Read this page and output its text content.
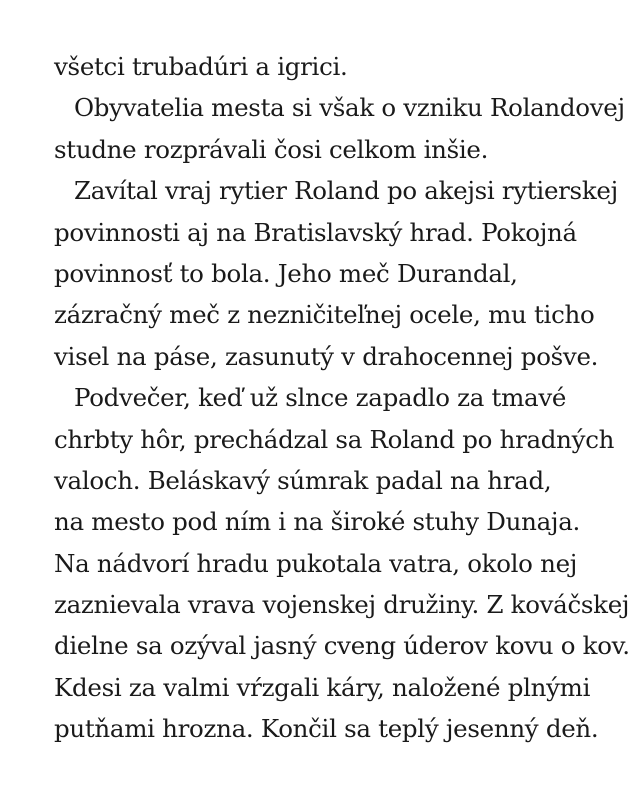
všetci trubadúri a igrici.
Obyvatelia mesta si však o vzniku Rolandovej
studne rozprávali čosi celkom inšie.
Zavítal vraj rytier Roland po akejsi rytierskej
povinnosti aj na Bratislavský hrad. Pokojná
povinnosť to bola. Jeho meč Durandal,
zázračný meč z nezničiteľnej ocele, mu ticho
visel na páse, zasunutý v drahocennej pošve.
Podvečer, keď už slnce zapadlo za tmavé
chrbty hôr, prechádzal sa Roland po hradných
valoch. Beláskavý súmrak padal na hrad,
na mesto pod ním i na široké stuhy Dunaja.
Na nádvorí hradu pukotala vatra, okolo nej
zaznievala vrava vojenskej družiny. Z kováčskej
dielne sa ozýval jasný cveng úderov kovu o kov.
Kdesi za valmi vŕzgali káry, naložené plnými
putňami hrozna. Končil sa teplý jesenný deň.
